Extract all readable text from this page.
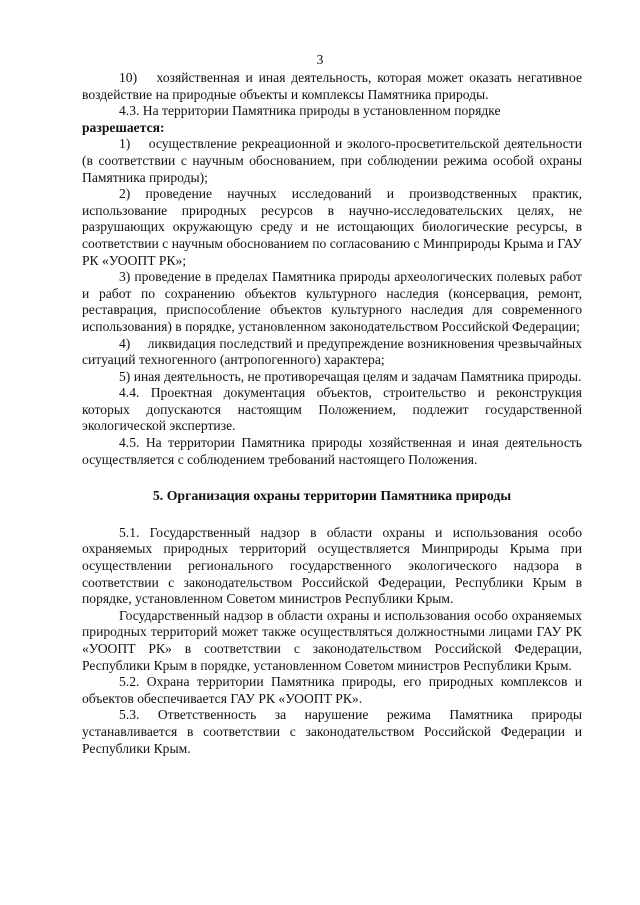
3

10)  хозяйственная и иная деятельность, которая может оказать негативное воздействие на природные объекты и комплексы Памятника природы.

4.3. На территории Памятника природы в установленном порядке

разрешается:

1)  осуществление рекреационной и эколого-просветительской деятельности (в соответствии с научным обоснованием, при соблюдении режима особой охраны Памятника природы);

2) проведение научных исследований и производственных практик, использование природных ресурсов в научно-исследовательских целях, не разрушающих окружающую среду и не истощающих биологические ресурсы, в соответствии с научным обоснованием по согласованию с Минприроды Крыма и ГАУ РК «УООПТ РК»;

3) проведение в пределах Памятника природы археологических полевых работ и работ по сохранению объектов культурного наследия (консервация, ремонт, реставрация, приспособление объектов культурного наследия для современного использования) в порядке, установленном законодательством Российской Федерации;

4)  ликвидация последствий и предупреждение возникновения чрезвычайных ситуаций техногенного (антропогенного) характера;

5) иная деятельность, не противоречащая целям и задачам Памятника природы.

4.4. Проектная документация объектов, строительство и реконструкция которых допускаются настоящим Положением, подлежит государственной экологической экспертизе.

4.5. На территории Памятника природы хозяйственная и иная деятельность осуществляется с соблюдением требований настоящего Положения.

5. Организация охраны территории Памятника природы

5.1. Государственный надзор в области охраны и использования особо охраняемых природных территорий осуществляется Минприроды Крыма при осуществлении регионального государственного экологического надзора в соответствии с законодательством Российской Федерации, Республики Крым в порядке, установленном Советом министров Республики Крым.

Государственный надзор в области охраны и использования особо охраняемых природных территорий может также осуществляться должностными лицами ГАУ РК «УООПТ РК» в соответствии с законодательством Российской Федерации, Республики Крым в порядке, установленном Советом министров Республики Крым.

5.2. Охрана территории Памятника природы, его природных комплексов и объектов обеспечивается ГАУ РК «УООПТ РК».

5.3. Ответственность за нарушение режима Памятника природы устанавливается в соответствии с законодательством Российской Федерации и Республики Крым.
